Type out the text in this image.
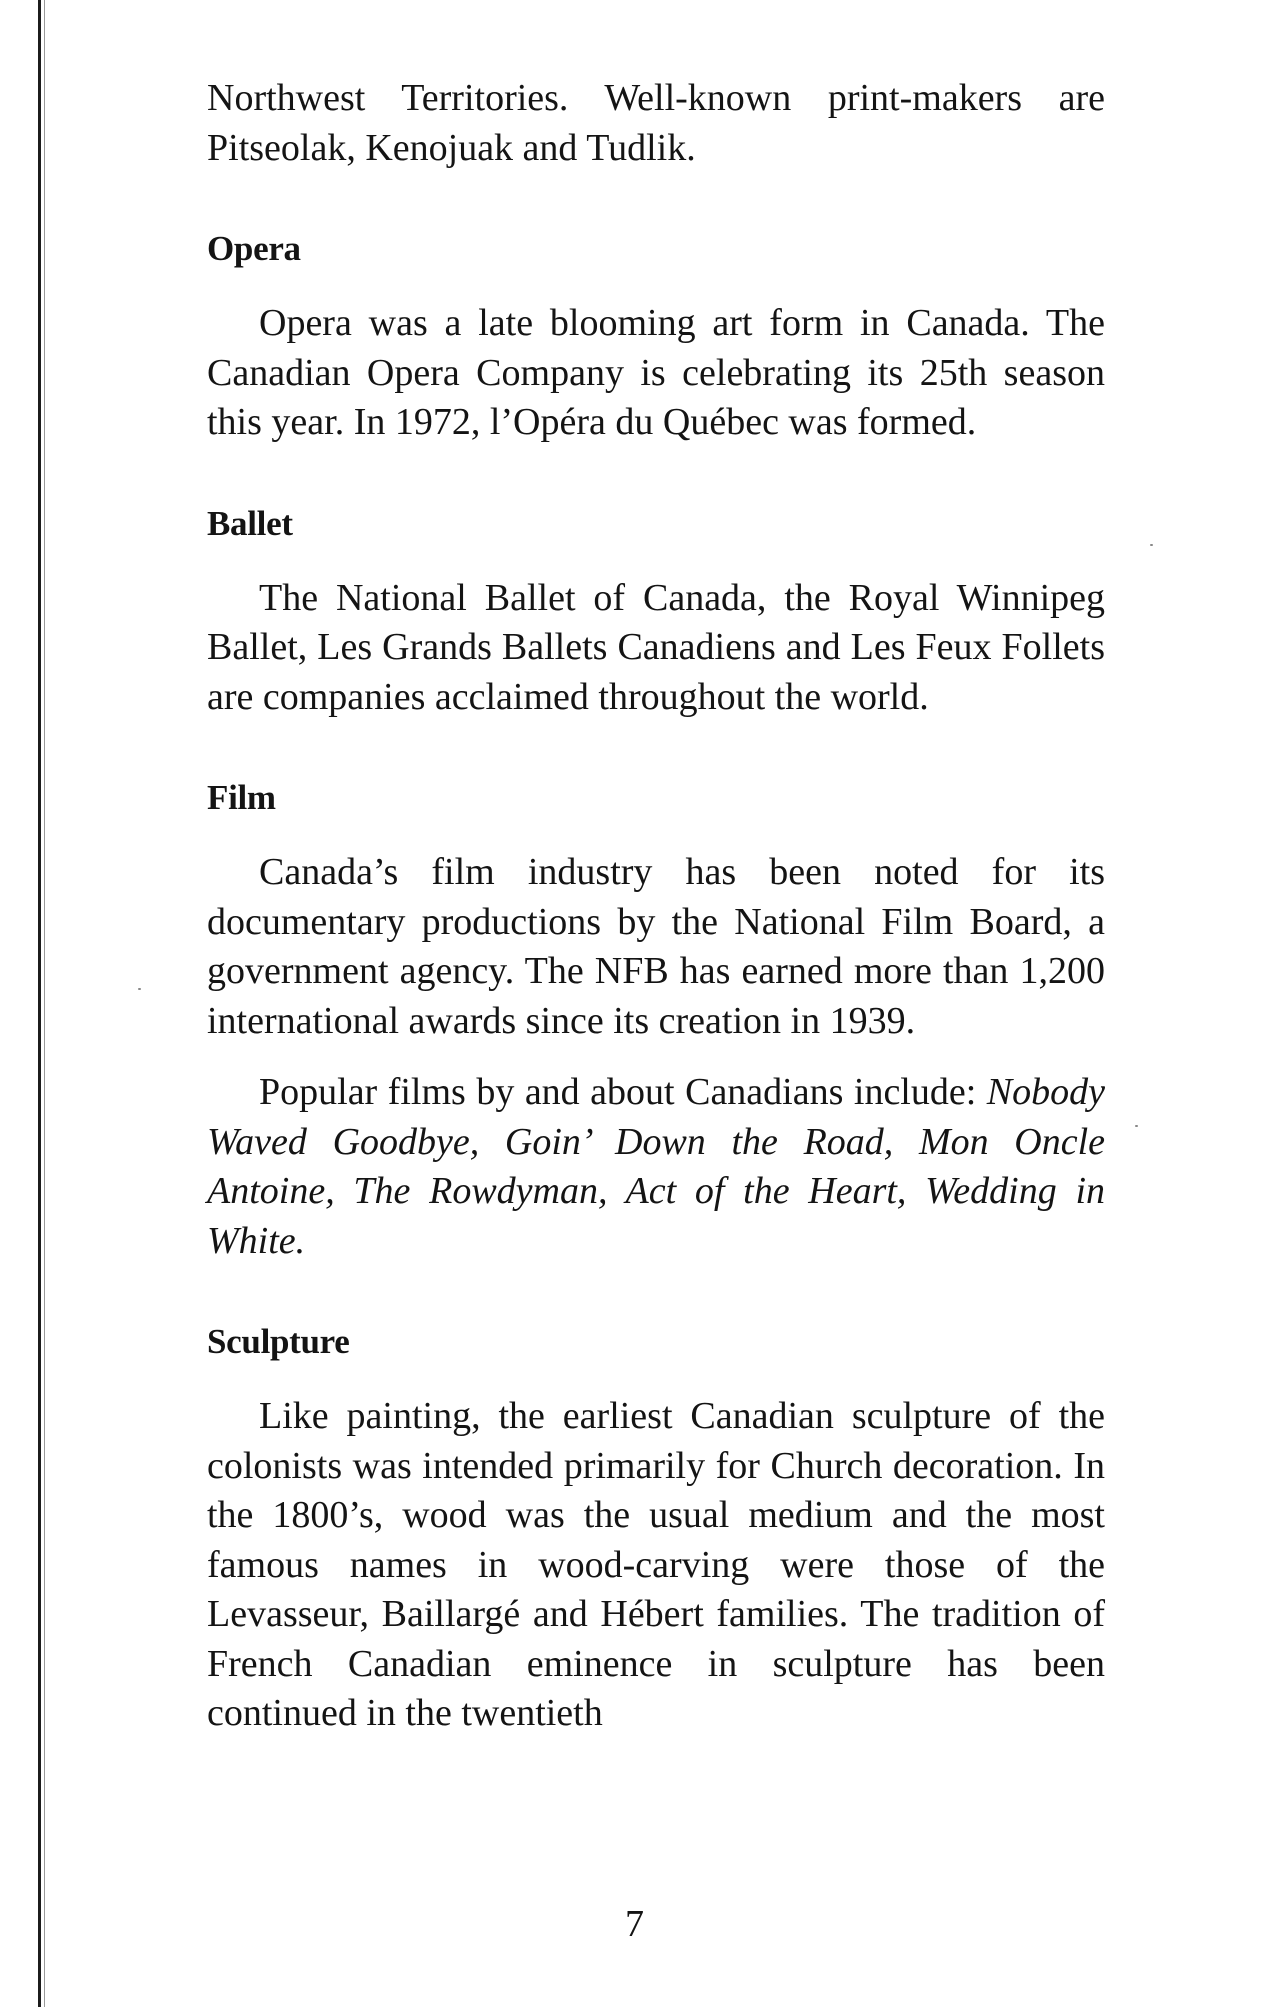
Northwest Territories. Well-known print-makers are Pitseolak, Kenojuak and Tudlik.

Opera

Opera was a late blooming art form in Canada. The Canadian Opera Company is celebrating its 25th season this year. In 1972, l’Opéra du Québec was formed.

Ballet

The National Ballet of Canada, the Royal Winnipeg Ballet, Les Grands Ballets Canadiens and Les Feux Follets are companies acclaimed throughout the world.

Film

Canada’s film industry has been noted for its documentary productions by the National Film Board, a government agency. The NFB has earned more than 1,200 international awards since its creation in 1939.

Popular films by and about Canadians include: Nobody Waved Goodbye, Goin’ Down the Road, Mon Oncle Antoine, The Rowdyman, Act of the Heart, Wedding in White.

Sculpture

Like painting, the earliest Canadian sculpture of the colonists was intended primarily for Church decoration. In the 1800’s, wood was the usual medium and the most famous names in wood-carving were those of the Levasseur, Baillargé and Hébert families. The tradition of French Canadian eminence in sculpture has been continued in the twentieth

7
